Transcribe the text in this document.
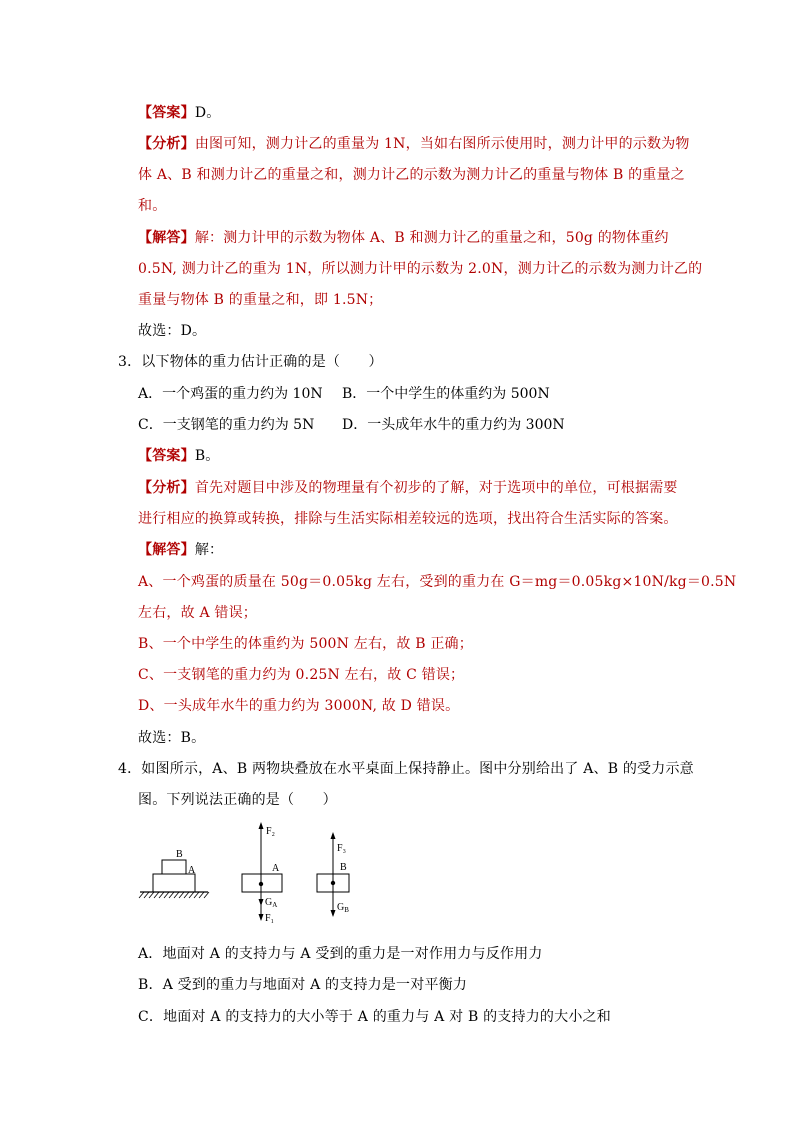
【答案】D。
【分析】由图可知，测力计乙的重量为 1N，当如右图所示使用时，测力计甲的示数为物
体 A、B 和测力计乙的重量之和，测力计乙的示数为测力计乙的重量与物体 B 的重量之
和。
【解答】解：测力计甲的示数为物体 A、B 和测力计乙的重量之和，50g 的物体重约
0.5N, 测力计乙的重为 1N，所以测力计甲的示数为 2.0N，测力计乙的示数为测力计乙的
重量与物体 B 的重量之和，即 1.5N；
故选：D。
3．以下物体的重力估计正确的是（　　）
A．一个鸡蛋的重力约为 10N B．一个中学生的体重约为 500N
C．一支钢笔的重力约为 5N D．一头成年水牛的重力约为 300N
【答案】B。
【分析】首先对题目中涉及的物理量有个初步的了解，对于选项中的单位，可根据需要
进行相应的换算或转换，排除与生活实际相差较远的选项，找出符合生活实际的答案。
【解答】解：
A、一个鸡蛋的质量在 50g＝0.05kg 左右，受到的重力在 G＝mg＝0.05kg×10N/kg＝0.5N
左右，故 A 错误；
B、一个中学生的体重约为 500N 左右，故 B 正确；
C、一支钢笔的重力约为 0.25N 左右，故 C 错误；
D、一头成年水牛的重力约为 3000N, 故 D 错误。
故选：B。
4．如图所示，A、B 两物块叠放在水平桌面上保持静止。图中分别给出了 A、B 的受力示意
图。下列说法正确的是（　　）
B
A
F₂
A
$G_A$
F₁
F₃
B
$G_B$
A．地面对 A 的支持力与 A 受到的重力是一对作用力与反作用力
B．A 受到的重力与地面对 A 的支持力是一对平衡力
C．地面对 A 的支持力的大小等于 A 的重力与 A 对 B 的支持力的大小之和
